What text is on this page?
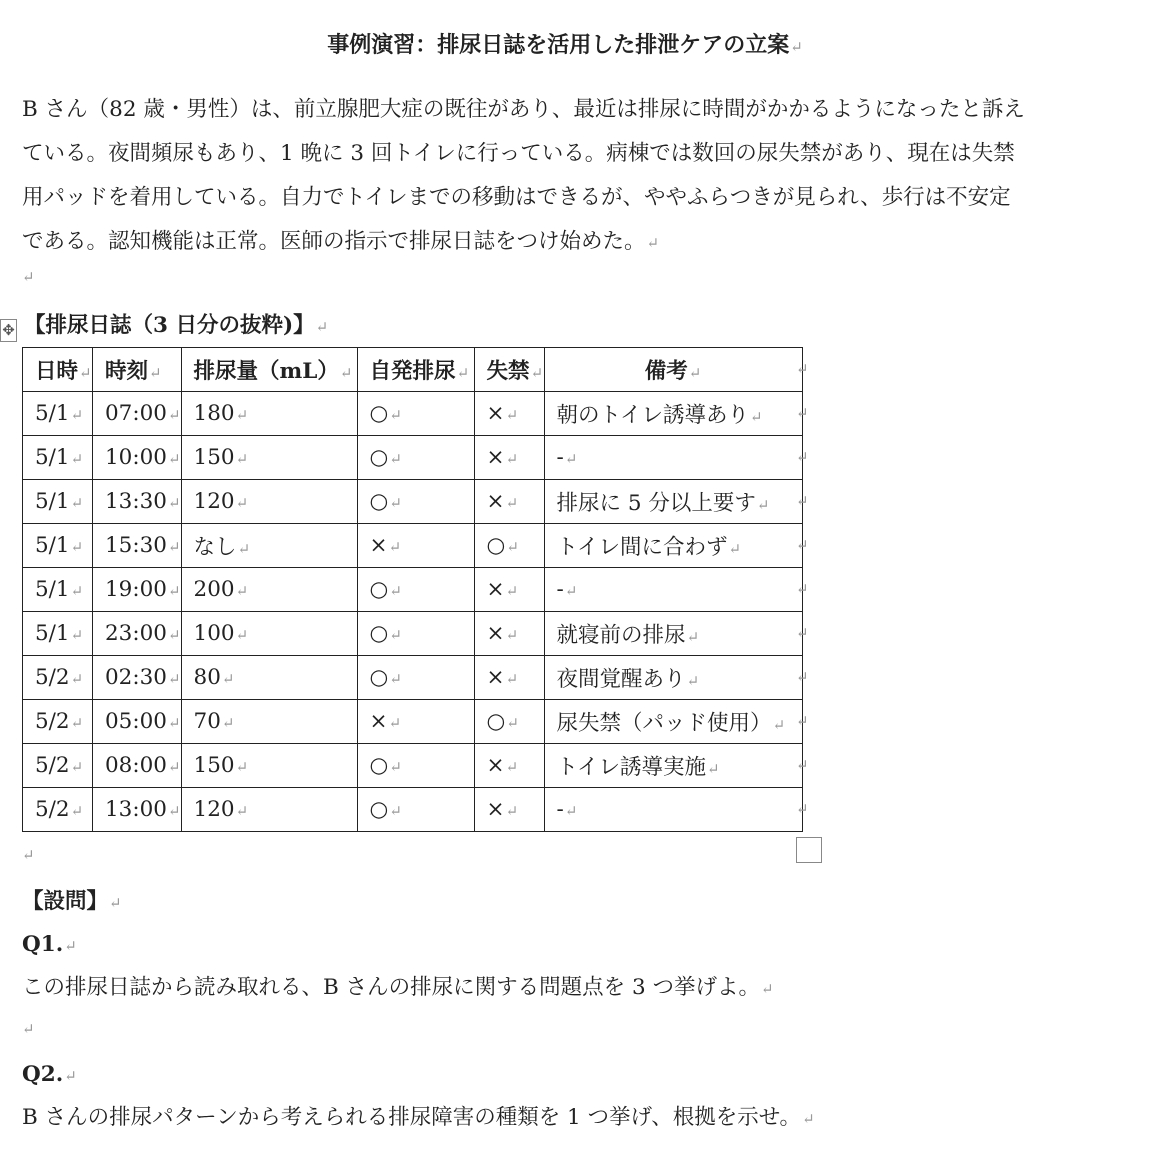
事例演習：排尿日誌を活用した排泄ケアの立案↵

B さん（82 歳・男性）は、前立腺肥大症の既往があり、最近は排尿に時間がかかるようになったと訴え

ている。夜間頻尿もあり、1 晩に 3 回トイレに行っている。病棟では数回の尿失禁があり、現在は失禁

用パッドを着用している。自力でトイレまでの移動はできるが、ややふらつきが見られ、歩行は不安定

である。認知機能は正常。医師の指示で排尿日誌をつけ始めた。↵

↵
✥ 【排尿日誌（3 日分の抜粋)】↵
日時↵	時刻↵	排尿量（mL）↵	自発排尿↵	失禁↵	備考↵
5/1↵	07:00↵	180↵	○↵	×↵	朝のトイレ誘導あり↵
5/1↵	10:00↵	150↵	○↵	×↵	-↵
5/1↵	13:30↵	120↵	○↵	×↵	排尿に 5 分以上要す↵
5/1↵	15:30↵	なし↵	×↵	○↵	トイレ間に合わず↵
5/1↵	19:00↵	200↵	○↵	×↵	-↵
5/1↵	23:00↵	100↵	○↵	×↵	就寝前の排尿↵
5/2↵	02:30↵	80↵	○↵	×↵	夜間覚醒あり↵
5/2↵	05:00↵	70↵	×↵	○↵	尿失禁（パッド使用）↵
5/2↵	08:00↵	150↵	○↵	×↵	トイレ誘導実施↵
5/2↵	13:00↵	120↵	○↵	×↵	-↵
↵
↵
↵
↵
↵
↵
↵
↵
↵
↵
↵
↵
【設問】↵
Q1.↵
この排尿日誌から読み取れる、B さんの排尿に関する問題点を 3 つ挙げよ。↵
↵
Q2.↵
B さんの排尿パターンから考えられる排尿障害の種類を 1 つ挙げ、根拠を示せ。↵
